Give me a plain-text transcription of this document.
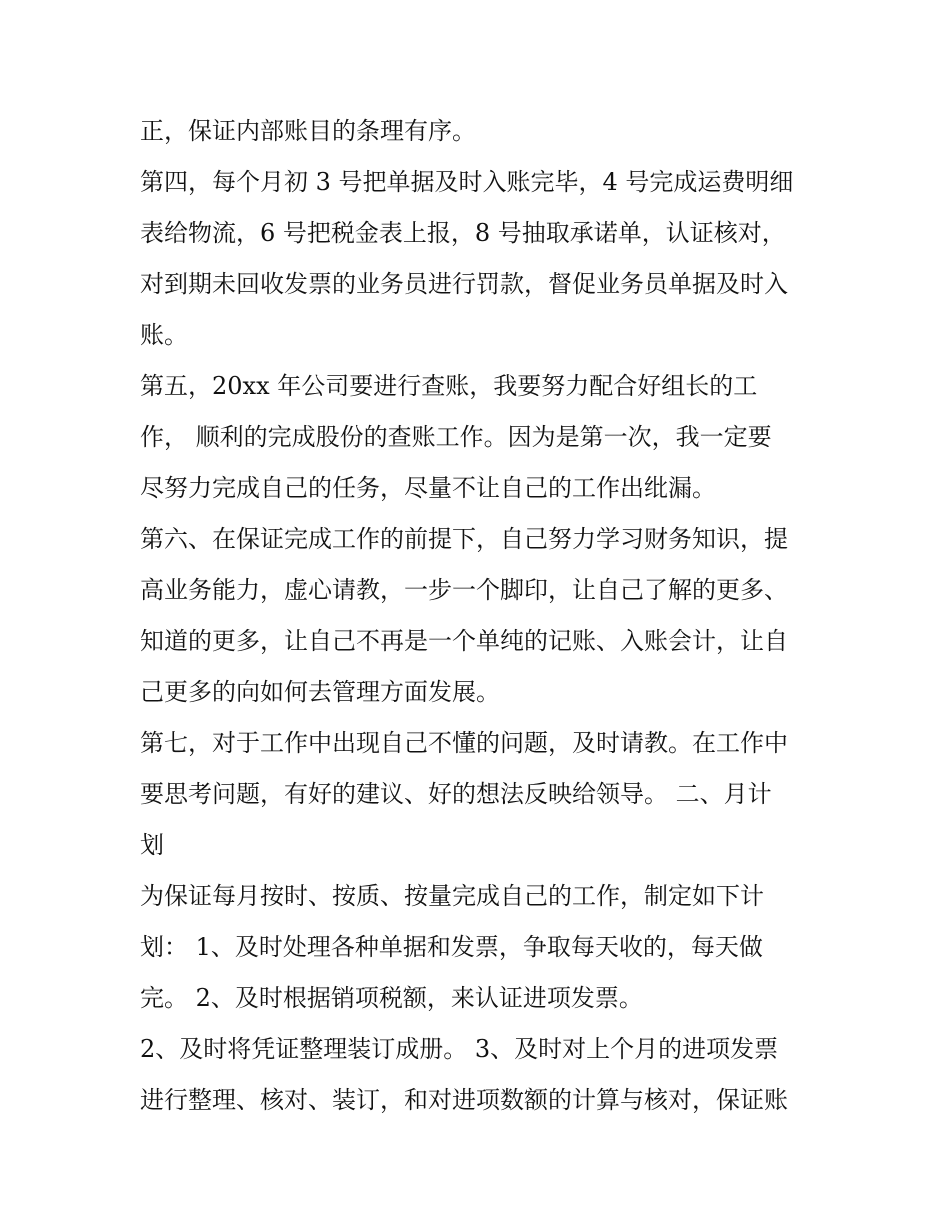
正，保证内部账目的条理有序。
第四，每个月初 3 号把单据及时入账完毕，4 号完成运费明细
表给物流，6 号把税金表上报，8 号抽取承诺单，认证核对，
对到期未回收发票的业务员进行罚款，督促业务员单据及时入
账。
第五，20xx 年公司要进行查账，我要努力配合好组长的工
作， 顺利的完成股份的查账工作。因为是第一次，我一定要
尽努力完成自己的任务，尽量不让自己的工作出纰漏。
第六、在保证完成工作的前提下，自己努力学习财务知识，提
高业务能力，虚心请教，一步一个脚印，让自己了解的更多、
知道的更多，让自己不再是一个单纯的记账、入账会计，让自
己更多的向如何去管理方面发展。
第七，对于工作中出现自己不懂的问题，及时请教。在工作中
要思考问题，有好的建议、好的想法反映给领导。 二、月计
划
为保证每月按时、按质、按量完成自己的工作，制定如下计
划： 1、及时处理各种单据和发票，争取每天收的，每天做
完。 2、及时根据销项税额，来认证进项发票。
2、及时将凭证整理装订成册。 3、及时对上个月的进项发票
进行整理、核对、装订，和对进项数额的计算与核对，保证账
